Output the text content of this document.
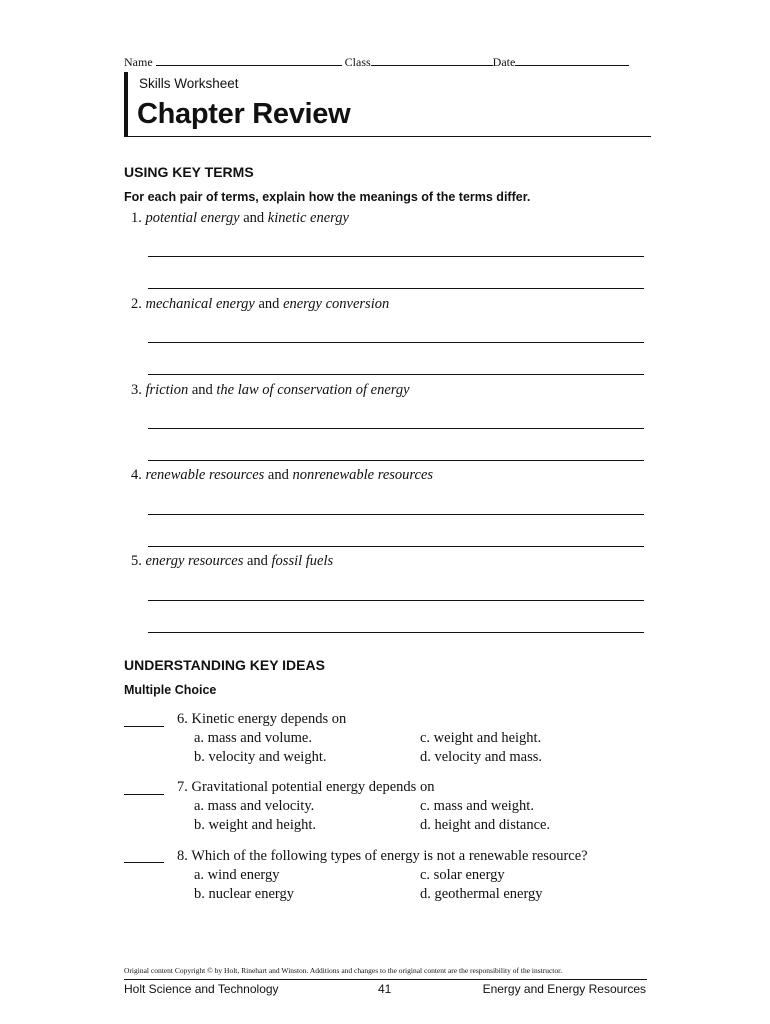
Name	Class	Date
Skills Worksheet
Chapter Review
USING KEY TERMS
For each pair of terms, explain how the meanings of the terms differ.
1. potential energy and kinetic energy
2. mechanical energy and energy conversion
3. friction and the law of conservation of energy
4. renewable resources and nonrenewable resources
5. energy resources and fossil fuels
UNDERSTANDING KEY IDEAS
Multiple Choice
6. Kinetic energy depends on
a. mass and volume.
b. velocity and weight.
c. weight and height.
d. velocity and mass.
7. Gravitational potential energy depends on
a. mass and velocity.
b. weight and height.
c. mass and weight.
d. height and distance.
8. Which of the following types of energy is not a renewable resource?
a. wind energy
b. nuclear energy
c. solar energy
d. geothermal energy
Original content Copyright © by Holt, Rinehart and Winston. Additions and changes to the original content are the responsibility of the instructor.
Holt Science and Technology	41	Energy and Energy Resources
